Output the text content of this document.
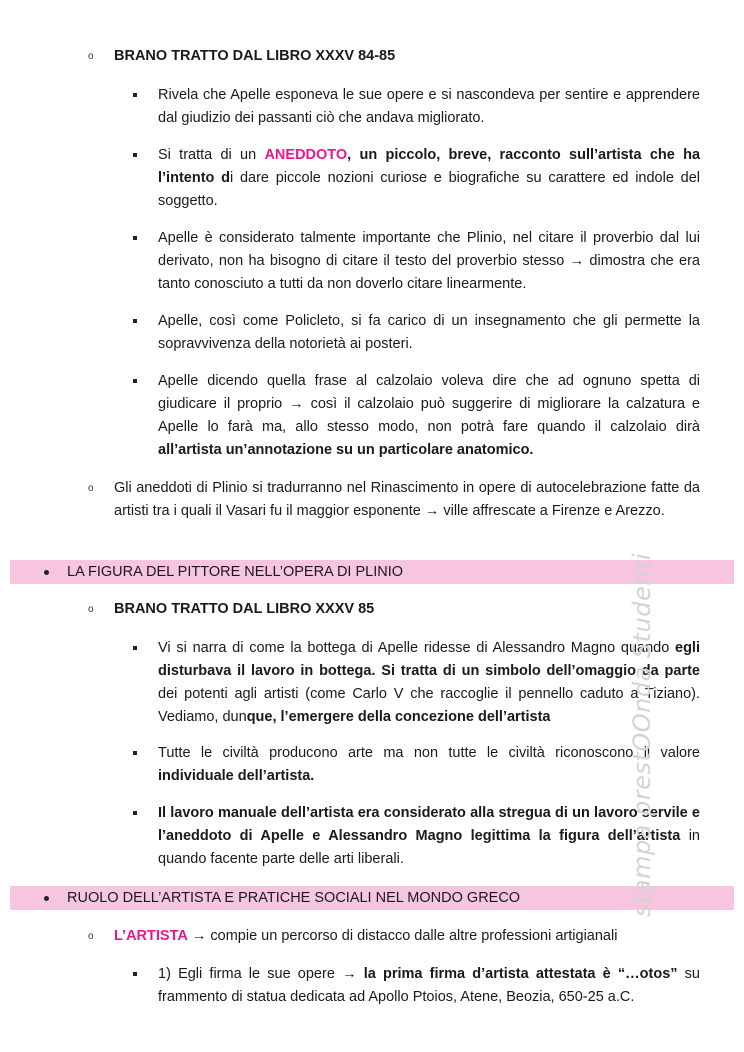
o BRANO TRATTO DAL LIBRO XXXV 84-85
Rivela che Apelle esponeva le sue opere e si nascondeva per sentire e apprendere dal giudizio dei passanti ciò che andava migliorato.
Si tratta di un ANEDDOTO, un piccolo, breve, racconto sull’artista che ha l’intento di dare piccole nozioni curiose e biografiche su carattere ed indole del soggetto.
Apelle è considerato talmente importante che Plinio, nel citare il proverbio dal lui derivato, non ha bisogno di citare il testo del proverbio stesso → dimostra che era tanto conosciuto a tutti da non doverlo citare linearmente.
Apelle, così come Policleto, si fa carico di un insegnamento che gli permette la sopravvivenza della notorietà ai posteri.
Apelle dicendo quella frase al calzolaio voleva dire che ad ognuno spetta di giudicare il proprio → così il calzolaio può suggerire di migliorare la calzatura e Apelle lo farà ma, allo stesso modo, non potrà fare quando il calzolaio dirà all’artista un’annotazione su un particolare anatomico.
o Gli aneddoti di Plinio si tradurranno nel Rinascimento in opere di autocelebrazione fatte da artisti tra i quali il Vasari fu il maggior esponente → ville affrescate a Firenze e Arezzo.
LA FIGURA DEL PITTORE NELL’OPERA DI PLINIO
o BRANO TRATTO DAL LIBRO XXXV 85
Vi si narra di come la bottega di Apelle ridesse di Alessandro Magno quando egli disturbava il lavoro in bottega. Si tratta di un simbolo dell’omaggio da parte dei potenti agli artisti (come Carlo V che raccoglie il pennello caduto a Tiziano). Vediamo, dunque, l’emergere della concezione dell’artista
Tutte le civiltà producono arte ma non tutte le civiltà riconoscono il valore individuale dell’artista.
Il lavoro manuale dell’artista era considerato alla stregua di un lavoro servile e l’aneddoto di Apelle e Alessandro Magno legittima la figura dell’artista in quando facente parte delle arti liberali.
RUOLO DELL’ARTISTA E PRATICHE SOCIALI NEL MONDO GRECO
o L’ARTISTA → compie un percorso di distacco dalle altre professioni artigianali
1) Egli firma le sue opere → la prima firma d’artista attestata è “…otos” su frammento di statua dedicata ad Apollo Ptoios, Atene, Beozia, 650-25 a.C.
stampa prestOOnda Studenti
